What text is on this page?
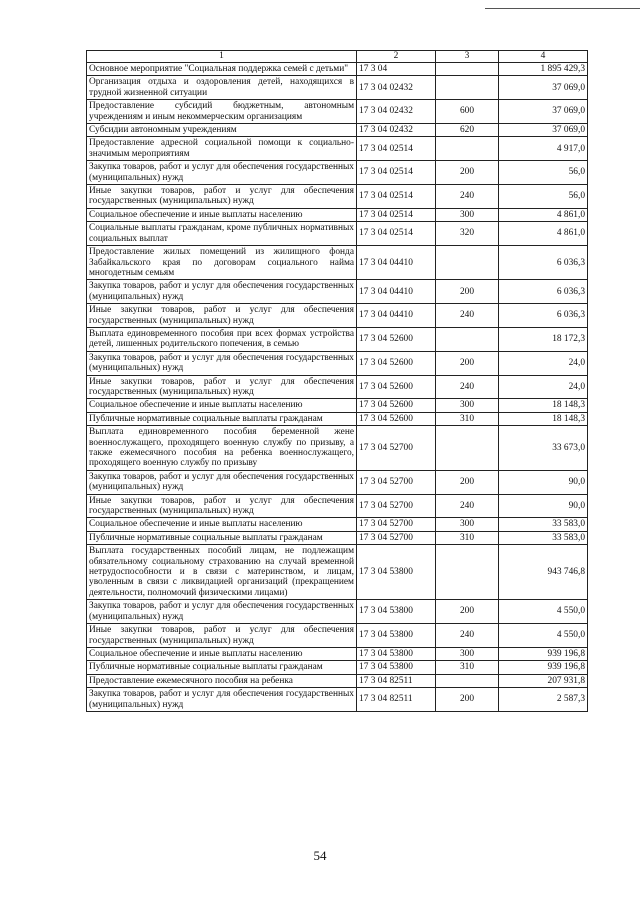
1	2	3	4
Основное мероприятие "Социальная поддержка семей с детьми"	17 3 04		1 895 429,3
Организация отдыха и оздоровления детей, находящихся в трудной жизненной ситуации	17 3 04 02432		37 069,0
Предоставление субсидий бюджетным, автономным учреждениям и иным некоммерческим организациям	17 3 04 02432	600	37 069,0
Субсидии автономным учреждениям	17 3 04 02432	620	37 069,0
Предоставление адресной социальной помощи к социально-значимым мероприятиям	17 3 04 02514		4 917,0
Закупка товаров, работ и услуг для обеспечения государственных (муниципальных) нужд	17 3 04 02514	200	56,0
Иные закупки товаров, работ и услуг для обеспечения государственных (муниципальных) нужд	17 3 04 02514	240	56,0
Социальное обеспечение и иные выплаты населению	17 3 04 02514	300	4 861,0
Социальные выплаты гражданам, кроме публичных нормативных социальных выплат	17 3 04 02514	320	4 861,0
Предоставление жилых помещений из жилищного фонда Забайкальского края по договорам социального найма многодетным семьям	17 3 04 04410		6 036,3
Закупка товаров, работ и услуг для обеспечения государственных (муниципальных) нужд	17 3 04 04410	200	6 036,3
Иные закупки товаров, работ и услуг для обеспечения государственных (муниципальных) нужд	17 3 04 04410	240	6 036,3
Выплата единовременного пособия при всех формах устройства детей, лишенных родительского попечения, в семью	17 3 04 52600		18 172,3
Закупка товаров, работ и услуг для обеспечения государственных (муниципальных) нужд	17 3 04 52600	200	24,0
Иные закупки товаров, работ и услуг для обеспечения государственных (муниципальных) нужд	17 3 04 52600	240	24,0
Социальное обеспечение и иные выплаты населению	17 3 04 52600	300	18 148,3
Публичные нормативные социальные выплаты гражданам	17 3 04 52600	310	18 148,3
Выплата единовременного пособия беременной жене военнослужащего, проходящего военную службу по призыву, а также ежемесячного пособия на ребенка военнослужащего, проходящего военную службу по призыву	17 3 04 52700		33 673,0
Закупка товаров, работ и услуг для обеспечения государственных (муниципальных) нужд	17 3 04 52700	200	90,0
Иные закупки товаров, работ и услуг для обеспечения государственных (муниципальных) нужд	17 3 04 52700	240	90,0
Социальное обеспечение и иные выплаты населению	17 3 04 52700	300	33 583,0
Публичные нормативные социальные выплаты гражданам	17 3 04 52700	310	33 583,0
Выплата государственных пособий лицам, не подлежащим обязательному социальному страхованию на случай временной нетрудоспособности и в связи с материнством, и лицам, уволенным в связи с ликвидацией организаций (прекращением деятельности, полномочий физическими лицами)	17 3 04 53800		943 746,8
Закупка товаров, работ и услуг для обеспечения государственных (муниципальных) нужд	17 3 04 53800	200	4 550,0
Иные закупки товаров, работ и услуг для обеспечения государственных (муниципальных) нужд	17 3 04 53800	240	4 550,0
Социальное обеспечение и иные выплаты населению	17 3 04 53800	300	939 196,8
Публичные нормативные социальные выплаты гражданам	17 3 04 53800	310	939 196,8
Предоставление ежемесячного пособия на ребенка	17 3 04 82511		207 931,8
Закупка товаров, работ и услуг для обеспечения государственных (муниципальных) нужд	17 3 04 82511	200	2 587,3
54
